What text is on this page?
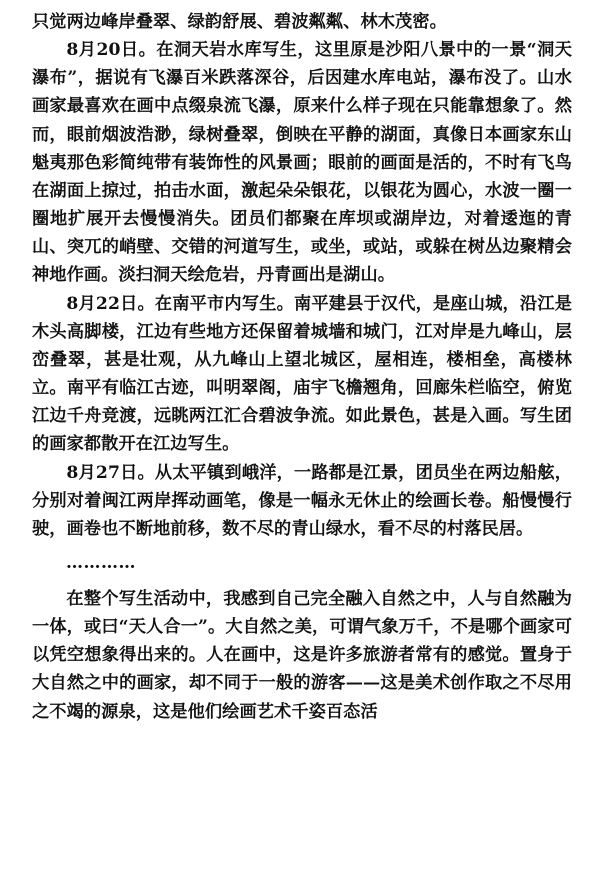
只觉两边峰岸叠翠、绿韵舒展、碧波粼粼、林木茂密。

8月20日。在洞天岩水库写生，这里原是沙阳八景中的一景“洞天瀑布”，据说有飞瀑百米跌落深谷，后因建水库电站，瀑布没了。山水画家最喜欢在画中点缀泉流飞瀑，原来什么样子现在只能靠想象了。然而，眼前烟波浩渺，绿树叠翠，倒映在平静的湖面，真像日本画家东山魁夷那色彩简纯带有装饰性的风景画；眼前的画面是活的，不时有飞鸟在湖面上掠过，拍击水面，激起朵朵银花，以银花为圆心，水波一圈一圈地扩展开去慢慢消失。团员们都聚在库坝或湖岸边，对着逶迤的青山、突兀的峭壁、交错的河道写生，或坐，或站，或躲在树丛边聚精会神地作画。淡扫洞天绘危岩，丹青画出是湖山。

8月22日。在南平市内写生。南平建县于汉代，是座山城，沿江是木头高脚楼，江边有些地方还保留着城墙和城门，江对岸是九峰山，层峦叠翠，甚是壮观，从九峰山上望北城区，屋相连，楼相垒，高楼林立。南平有临江古迹，叫明翠阁，庙宇飞檐翘角，回廊朱栏临空，俯览江边千舟竞渡，远眺两江汇合碧波争流。如此景色，甚是入画。写生团的画家都散开在江边写生。

8月27日。从太平镇到峨洋，一路都是江景，团员坐在两边船舷，分别对着闽江两岸挥动画笔，像是一幅永无休止的绘画长卷。船慢慢行驶，画卷也不断地前移，数不尽的青山绿水，看不尽的村落民居。

…………

在整个写生活动中，我感到自己完全融入自然之中，人与自然融为一体，或曰“天人合一”。大自然之美，可谓气象万千，不是哪个画家可以凭空想象得出来的。人在画中，这是许多旅游者常有的感觉。置身于大自然之中的画家，却不同于一般的游客——这是美术创作取之不尽用之不竭的源泉，这是他们绘画艺术千姿百态活
